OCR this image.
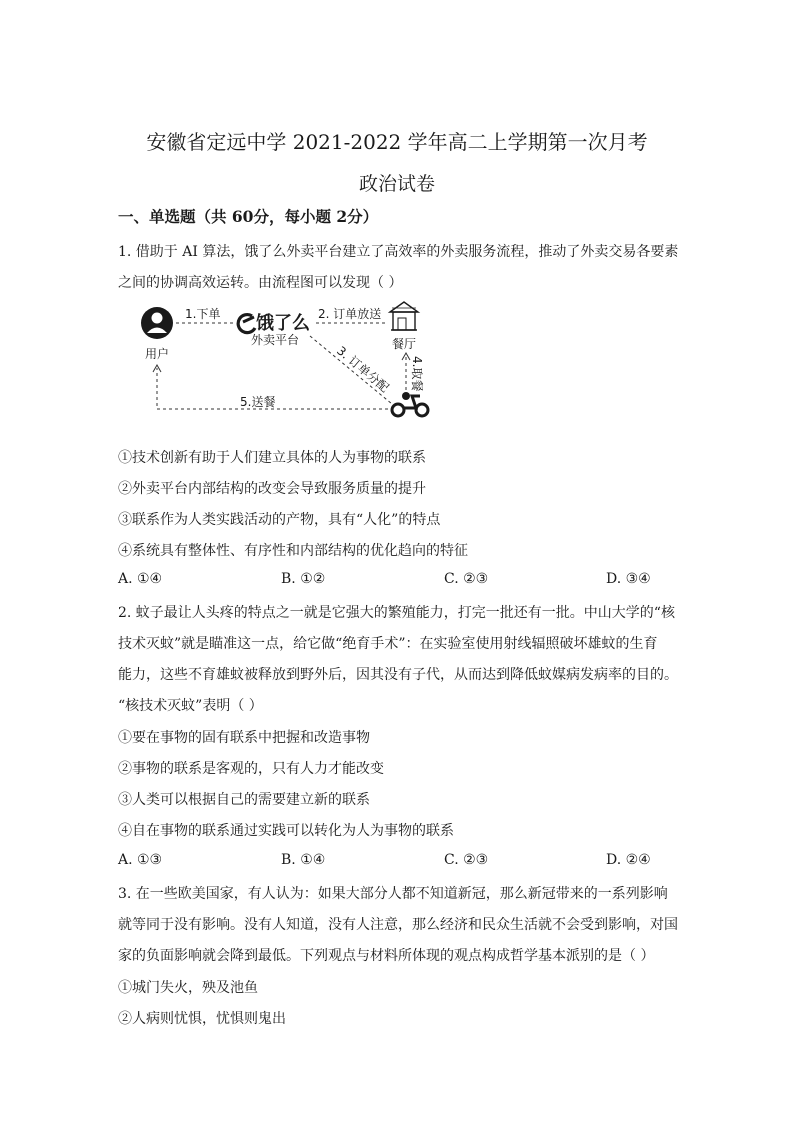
安徽省定远中学 2021-2022 学年高二上学期第一次月考
政治试卷
一、单选题（共 60分，每小题 2分）
1. 借助于 AI 算法，饿了么外卖平台建立了高效率的外卖服务流程，推动了外卖交易各要素
之间的协调高效运转。由流程图可以发现（ ）
用户
1.下单 饿了么
外卖平台
2. 订单放送
餐厅
3. 订单分配 4.取餐
5.送餐
①技术创新有助于人们建立具体的人为事物的联系
②外卖平台内部结构的改变会导致服务质量的提升
③联系作为人类实践活动的产物，具有“人化”的特点
④系统具有整体性、有序性和内部结构的优化趋向的特征
A. ①④	B. ①②	C. ②③	D. ③④
2. 蚊子最让人头疼的特点之一就是它强大的繁殖能力，打完一批还有一批。中山大学的“核
技术灭蚊”就是瞄准这一点，给它做“绝育手术”：在实验室使用射线辐照破坏雄蚊的生育
能力，这些不育雄蚊被释放到野外后，因其没有子代，从而达到降低蚊媒病发病率的目的。
“核技术灭蚊”表明（ ）
①要在事物的固有联系中把握和改造事物
②事物的联系是客观的，只有人力才能改变
③人类可以根据自己的需要建立新的联系
④自在事物的联系通过实践可以转化为人为事物的联系
A. ①③	B. ①④	C. ②③	D. ②④
3. 在一些欧美国家，有人认为：如果大部分人都不知道新冠，那么新冠带来的一系列影响
就等同于没有影响。没有人知道，没有人注意，那么经济和民众生活就不会受到影响，对国
家的负面影响就会降到最低。下列观点与材料所体现的观点构成哲学基本派别的是（ ）
①城门失火，殃及池鱼
②人病则忧惧，忧惧则鬼出
